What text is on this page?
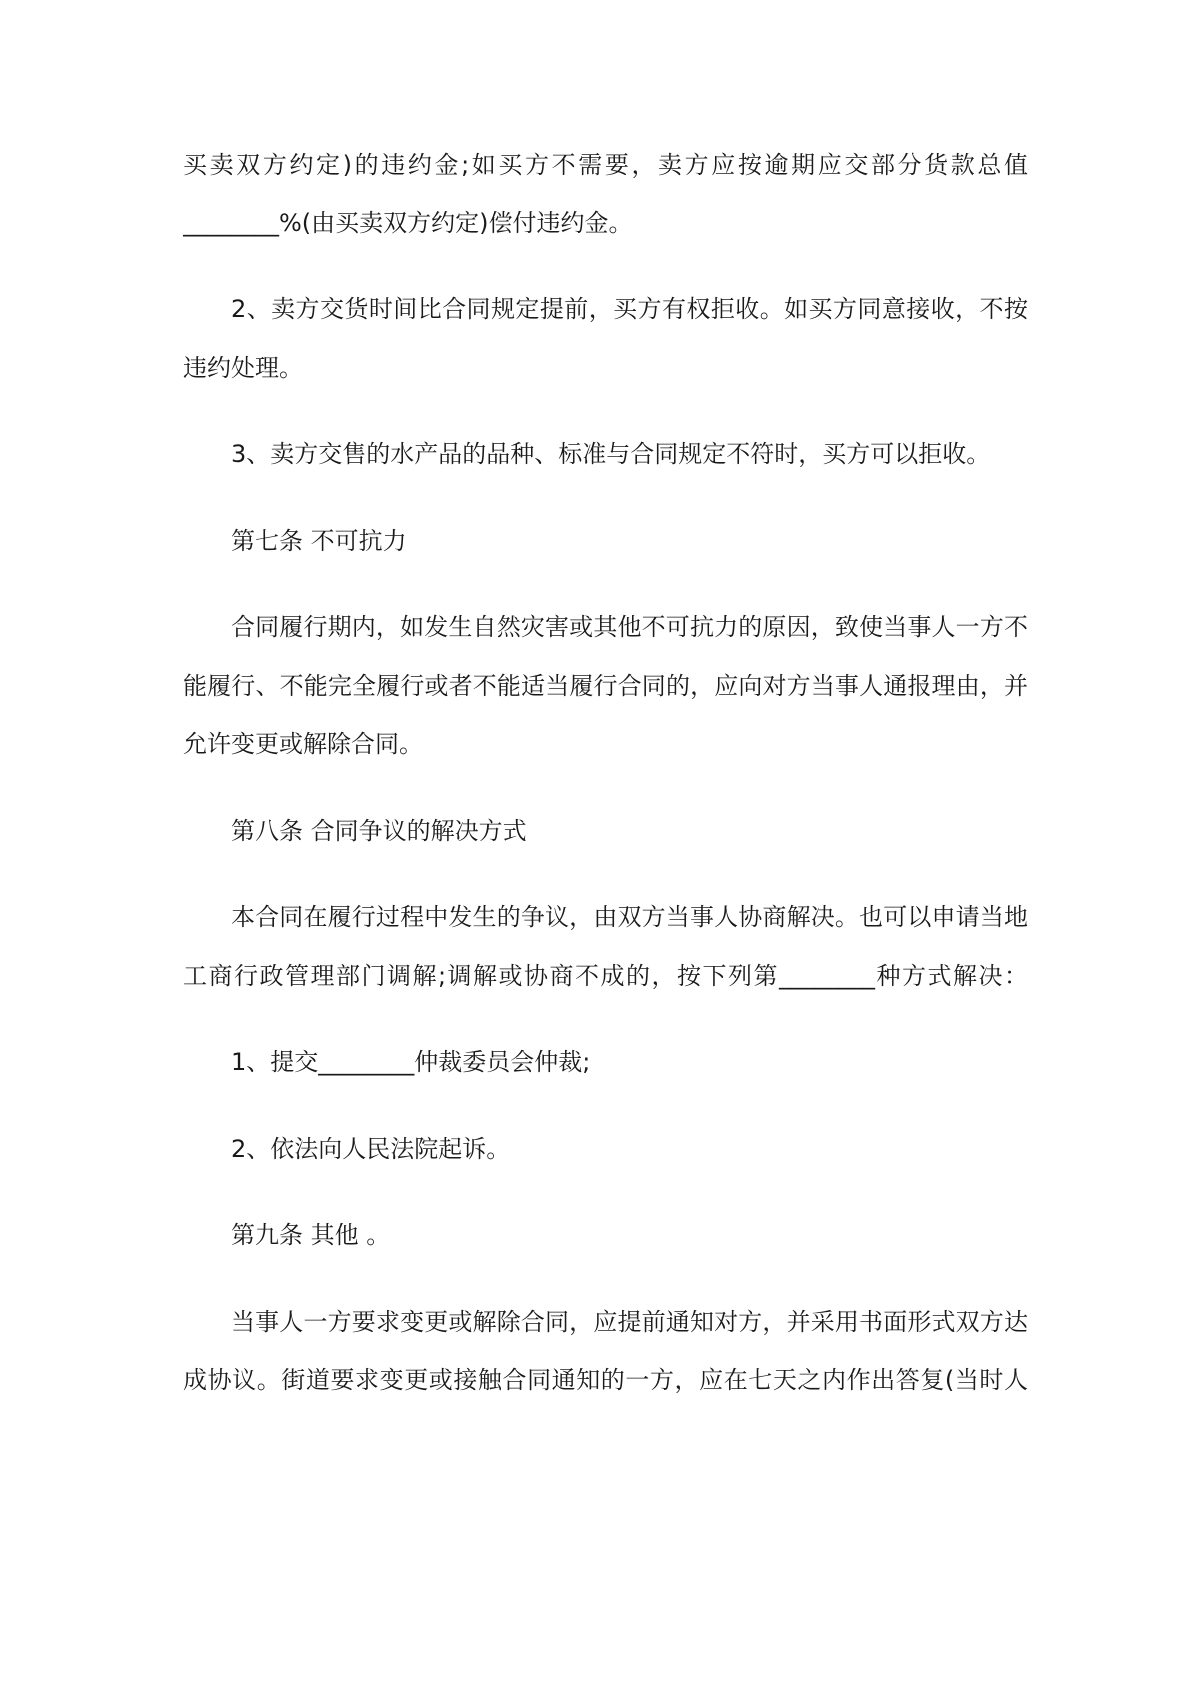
买卖双方约定)的违约金;如买方不需要，卖方应按逾期应交部分货款总值
________%(由买卖双方约定)偿付违约金。
2、卖方交货时间比合同规定提前，买方有权拒收。如买方同意接收，不按
违约处理。
3、卖方交售的水产品的品种、标准与合同规定不符时，买方可以拒收。
第七条 不可抗力
合同履行期内，如发生自然灾害或其他不可抗力的原因，致使当事人一方不
能履行、不能完全履行或者不能适当履行合同的，应向对方当事人通报理由，并
允许变更或解除合同。
第八条 合同争议的解决方式
本合同在履行过程中发生的争议，由双方当事人协商解决。也可以申请当地
工商行政管理部门调解;调解或协商不成的，按下列第________种方式解决：
1、提交________仲裁委员会仲裁;
2、依法向人民法院起诉。
第九条 其他 。
当事人一方要求变更或解除合同，应提前通知对方，并采用书面形式双方达
成协议。街道要求变更或接触合同通知的一方，应在七天之内作出答复(当时人
